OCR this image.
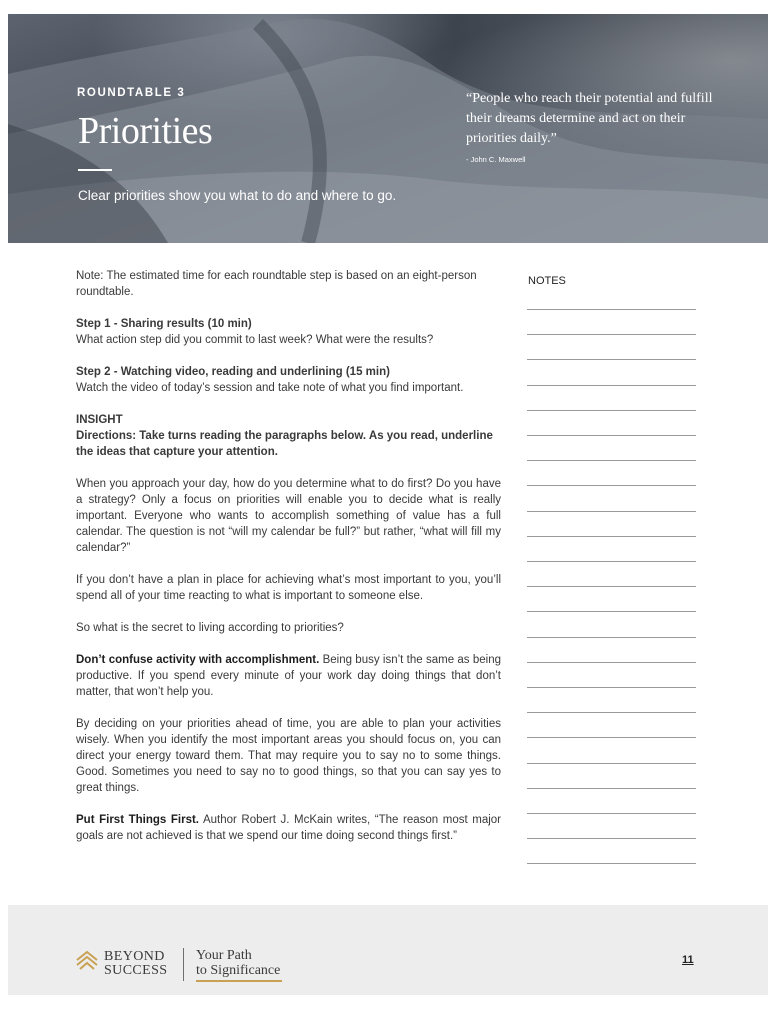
ROUNDTABLE 3
Priorities
Clear priorities show you what to do and where to go.

“People who reach their potential and fulfill their dreams determine and act on their priorities daily.”

- John C. Maxwell

Note: The estimated time for each roundtable step is based on an eight-person roundtable.

Step 1 - Sharing results (10 min)

What action step did you commit to last week? What were the results?

Step 2 - Watching video, reading and underlining (15 min)

Watch the video of today’s session and take note of what you find important.

INSIGHT

Directions: Take turns reading the paragraphs below. As you read, underline the ideas that capture your attention.

When you approach your day, how do you determine what to do first? Do you have a strategy? Only a focus on priorities will enable you to decide what is really important. Everyone who wants to accomplish something of value has a full calendar. The question is not “will my calendar be full?” but rather, “what will fill my calendar?”

If you don’t have a plan in place for achieving what’s most important to you, you’ll spend all of your time reacting to what is important to someone else.

So what is the secret to living according to priorities?

Don’t confuse activity with accomplishment. Being busy isn’t the same as being productive. If you spend every minute of your work day doing things that don’t matter, that won’t help you.

By deciding on your priorities ahead of time, you are able to plan your activities wisely. When you identify the most important areas you should focus on, you can direct your energy toward them. That may require you to say no to some things. Good. Sometimes you need to say no to good things, so that you can say yes to great things.

Put First Things First. Author Robert J. McKain writes, “The reason most major goals are not achieved is that we spend our time doing second things first.”

NOTES
BEYOND
SUCCESS
Your Path
to Significance
11
